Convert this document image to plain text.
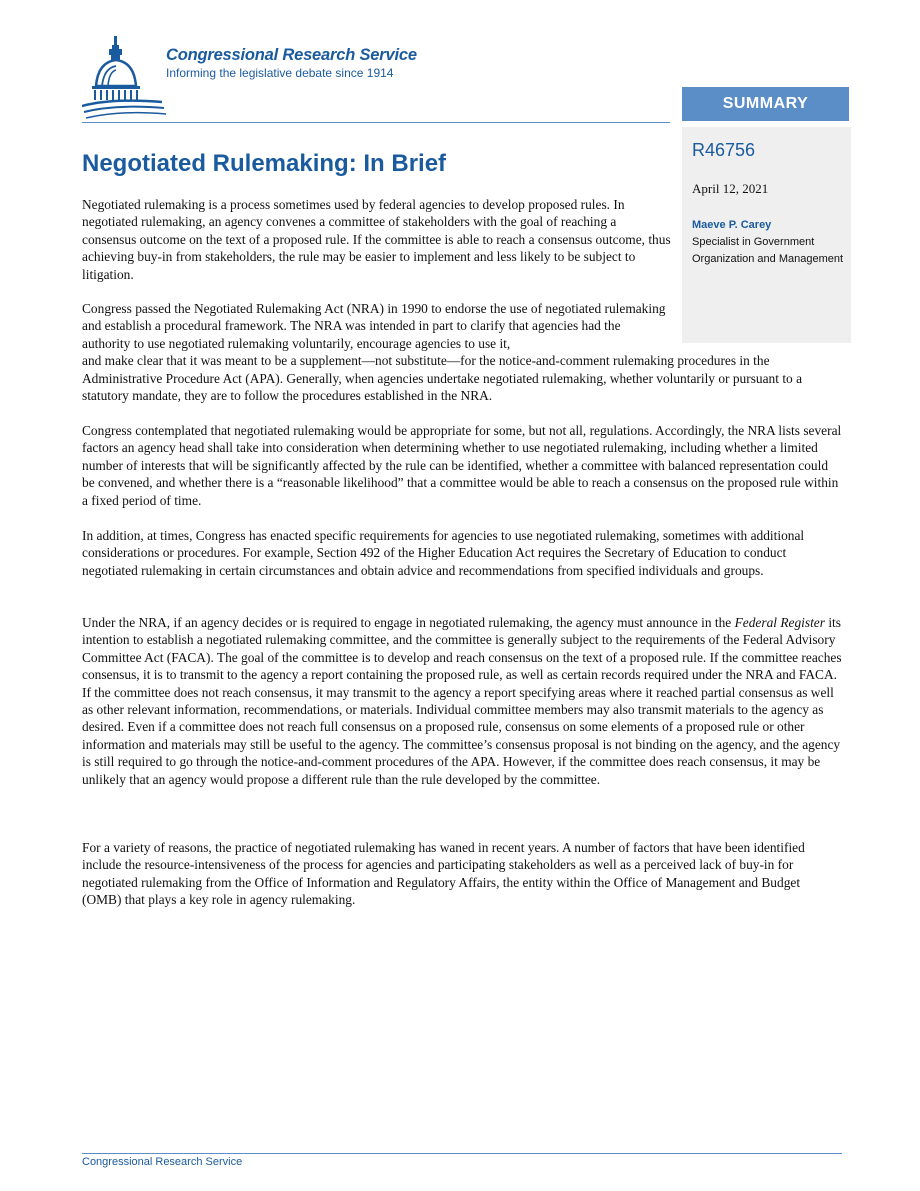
Congressional Research Service
Informing the legislative debate since 1914
SUMMARY
R46756
April 12, 2021
Maeve P. Carey
Specialist in Government Organization and Management
Negotiated Rulemaking: In Brief

Negotiated rulemaking is a process sometimes used by federal agencies to develop proposed rules. In negotiated rulemaking, an agency convenes a committee of stakeholders with the goal of reaching a consensus outcome on the text of a proposed rule. If the committee is able to reach a consensus outcome, thus achieving buy-in from stakeholders, the rule may be easier to implement and less likely to be subject to litigation.

Congress passed the Negotiated Rulemaking Act (NRA) in 1990 to endorse the use of negotiated rulemaking and establish a procedural framework. The NRA was intended in part to clarify that agencies had the authority to use negotiated rulemaking voluntarily, encourage agencies to use it,
and make clear that it was meant to be a supplement—not substitute—for the notice-and-comment rulemaking procedures in the Administrative Procedure Act (APA). Generally, when agencies undertake negotiated rulemaking, whether voluntarily or pursuant to a statutory mandate, they are to follow the procedures established in the NRA.

Congress contemplated that negotiated rulemaking would be appropriate for some, but not all, regulations. Accordingly, the NRA lists several factors an agency head shall take into consideration when determining whether to use negotiated rulemaking, including whether a limited number of interests that will be significantly affected by the rule can be identified, whether a committee with balanced representation could be convened, and whether there is a “reasonable likelihood” that a committee would be able to reach a consensus on the proposed rule within a fixed period of time.

In addition, at times, Congress has enacted specific requirements for agencies to use negotiated rulemaking, sometimes with additional considerations or procedures. For example, Section 492 of the Higher Education Act requires the Secretary of Education to conduct negotiated rulemaking in certain circumstances and obtain advice and recommendations from specified individuals and groups.

Under the NRA, if an agency decides or is required to engage in negotiated rulemaking, the agency must announce in the Federal Register its intention to establish a negotiated rulemaking committee, and the committee is generally subject to the requirements of the Federal Advisory Committee Act (FACA). The goal of the committee is to develop and reach consensus on the text of a proposed rule. If the committee reaches consensus, it is to transmit to the agency a report containing the proposed rule, as well as certain records required under the NRA and FACA. If the committee does not reach consensus, it may transmit to the agency a report specifying areas where it reached partial consensus as well as other relevant information, recommendations, or materials. Individual committee members may also transmit materials to the agency as desired. Even if a committee does not reach full consensus on a proposed rule, consensus on some elements of a proposed rule or other information and materials may still be useful to the agency. The committee’s consensus proposal is not binding on the agency, and the agency is still required to go through the notice-and-comment procedures of the APA. However, if the committee does reach consensus, it may be unlikely that an agency would propose a different rule than the rule developed by the committee.

For a variety of reasons, the practice of negotiated rulemaking has waned in recent years. A number of factors that have been identified include the resource-intensiveness of the process for agencies and participating stakeholders as well as a perceived lack of buy-in for negotiated rulemaking from the Office of Information and Regulatory Affairs, the entity within the Office of Management and Budget (OMB) that plays a key role in agency rulemaking.

Congressional Research Service
